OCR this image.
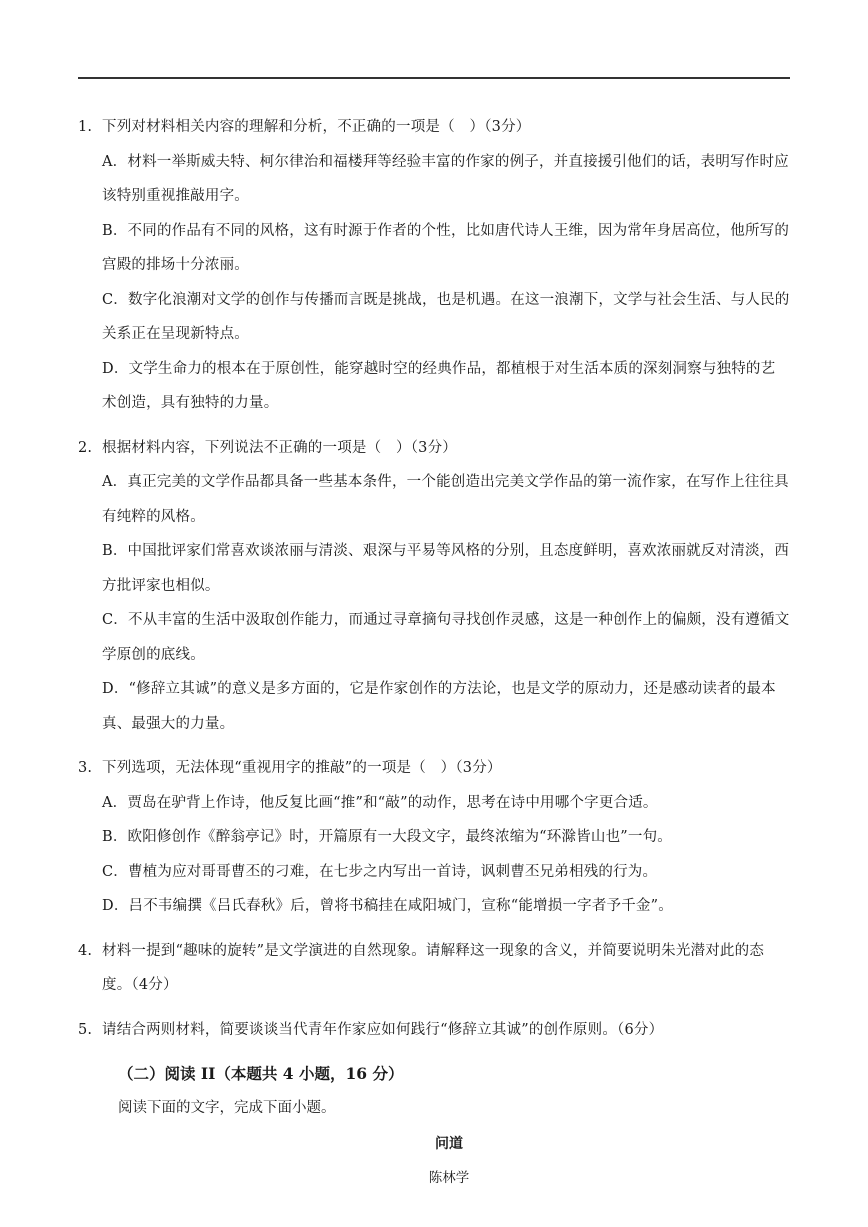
1. 下列对材料相关内容的理解和分析，不正确的一项是（　）（3分）
A．材料一举斯威夫特、柯尔律治和福楼拜等经验丰富的作家的例子，并直接援引他们的话，表明写作时应该特别重视推敲用字。
B．不同的作品有不同的风格，这有时源于作者的个性，比如唐代诗人王维，因为常年身居高位，他所写的宫殿的排场十分浓丽。
C．数字化浪潮对文学的创作与传播而言既是挑战，也是机遇。在这一浪潮下，文学与社会生活、与人民的关系正在呈现新特点。
D．文学生命力的根本在于原创性，能穿越时空的经典作品，都植根于对生活本质的深刻洞察与独特的艺术创造，具有独特的力量。
2. 根据材料内容，下列说法不正确的一项是（　）（3分）
A．真正完美的文学作品都具备一些基本条件，一个能创造出完美文学作品的第一流作家，在写作上往往具有纯粹的风格。
B．中国批评家们常喜欢谈浓丽与清淡、艰深与平易等风格的分别，且态度鲜明，喜欢浓丽就反对清淡，西方批评家也相似。
C．不从丰富的生活中汲取创作能力，而通过寻章摘句寻找创作灵感，这是一种创作上的偏颇，没有遵循文学原创的底线。
D．“修辞立其诚”的意义是多方面的，它是作家创作的方法论，也是文学的原动力，还是感动读者的最本真、最强大的力量。
3. 下列选项，无法体现“重视用字的推敲”的一项是（　）（3分）
A．贾岛在驴背上作诗，他反复比画“推”和“敲”的动作，思考在诗中用哪个字更合适。
B．欧阳修创作《醉翁亭记》时，开篇原有一大段文字，最终浓缩为“环滁皆山也”一句。
C．曹植为应对哥哥曹丕的刁难，在七步之内写出一首诗，讽刺曹丕兄弟相残的行为。
D．吕不韦编撰《吕氏春秋》后，曾将书稿挂在咸阳城门，宣称“能增损一字者予千金”。
4. 材料一提到“趣味的旋转”是文学演进的自然现象。请解释这一现象的含义，并简要说明朱光潜对此的态度。（4分）
5. 请结合两则材料，简要谈谈当代青年作家应如何践行“修辞立其诚”的创作原则。（6分）
（二）阅读 II（本题共 4 小题，16 分）
阅读下面的文字，完成下面小题。
问道
陈林学
